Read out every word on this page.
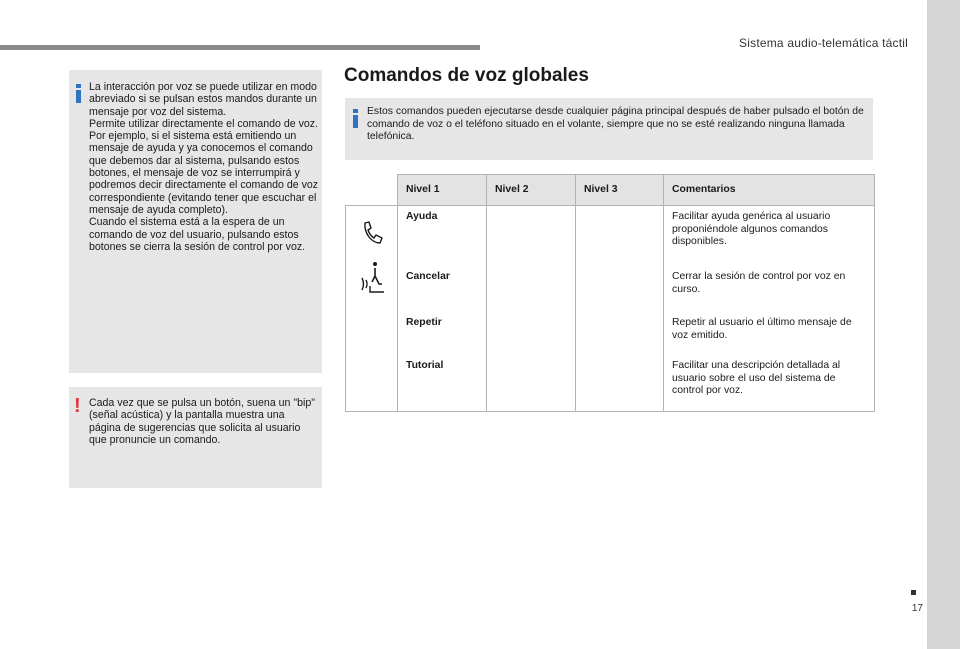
Sistema audio-telemática táctil
17
La interacción por voz se puede utilizar en modo abreviado si se pulsan estos mandos durante un mensaje por voz del sistema.
Permite utilizar directamente el comando de voz.
Por ejemplo, si el sistema está emitiendo un mensaje de ayuda y ya conocemos el comando que debemos dar al sistema, pulsando estos botones, el mensaje de voz se interrumpirá y podremos decir directamente el comando de voz correspondiente (evitando tener que escuchar el mensaje de ayuda completo).
Cuando el sistema está a la espera de un comando de voz del usuario, pulsando estos botones se cierra la sesión de control por voz.
! Cada vez que se pulsa un botón, suena un "bip" (señal acústica) y la pantalla muestra una página de sugerencias que solicita al usuario que pronuncie un comando.
Comandos de voz globales
Estos comandos pueden ejecutarse desde cualquier página principal después de haber pulsado el botón de comando de voz o el teléfono situado en el volante, siempre que no se esté realizando ninguna llamada telefónica.
	Nivel 1	Nivel 2	Nivel 3	Comentarios

	Ayuda			Facilitar ayuda genérica al usuario proponiéndole algunos comandos disponibles.
	Cancelar			Cerrar la sesión de control por voz en curso.
	Repetir			Repetir al usuario el último mensaje de voz emitido.
	Tutorial			Facilitar una descripción detallada al usuario sobre el uso del sistema de control por voz.
